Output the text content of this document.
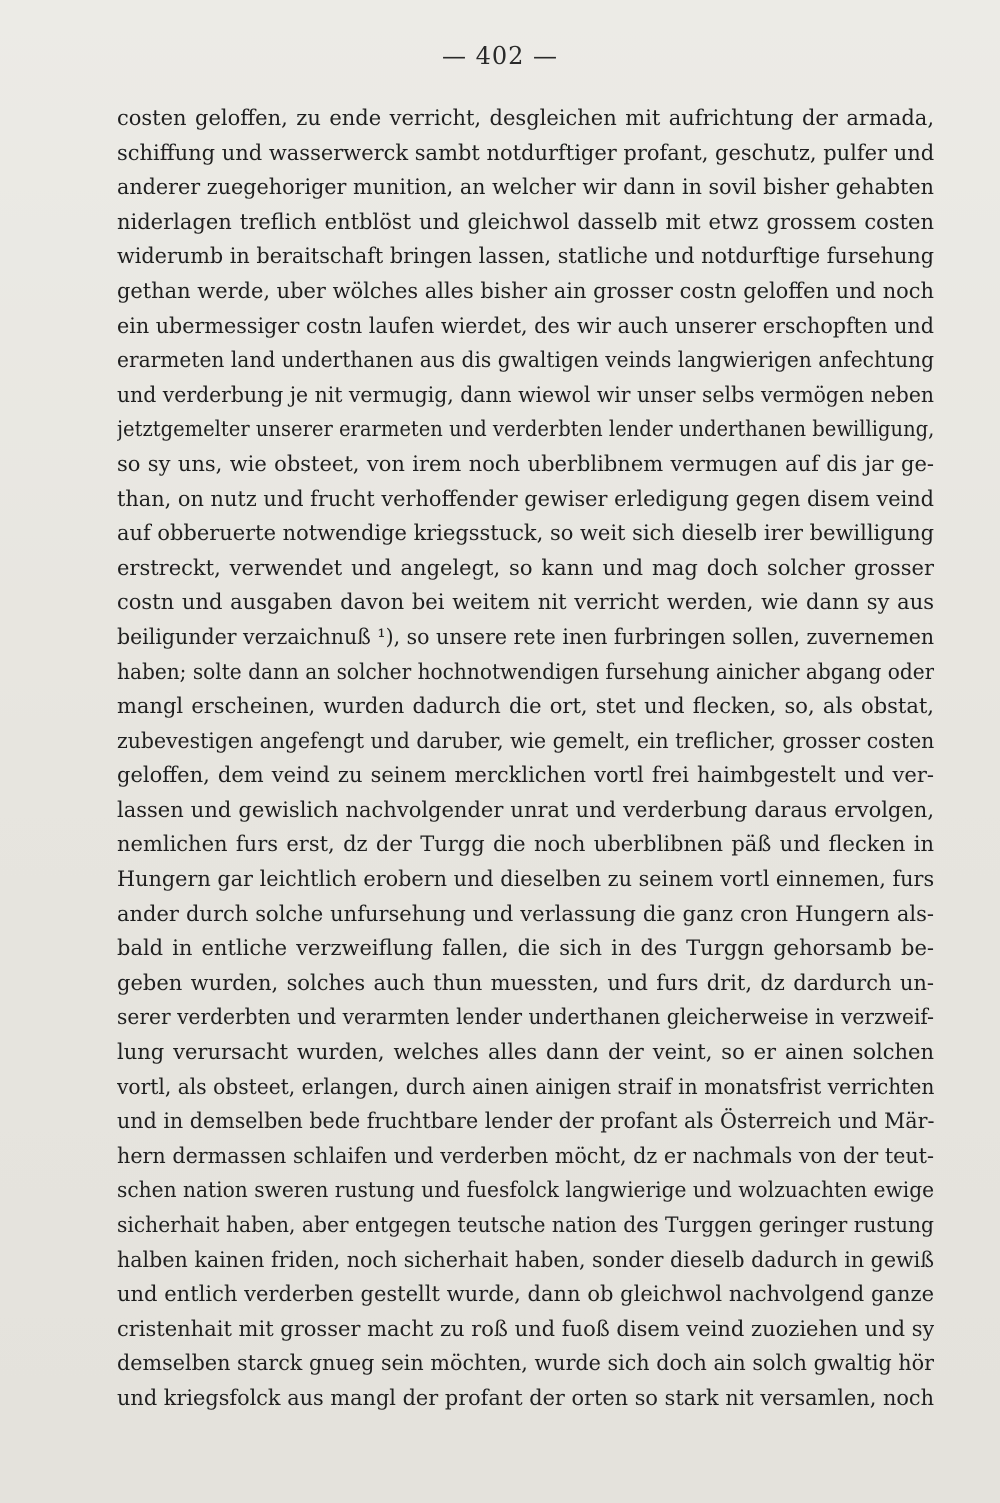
— 402 —
costen geloffen, zu ende verricht, desgleichen mit aufrichtung der armada,
schiffung und wasserwerck sambt notdurftiger profant, geschutz, pulfer und
anderer zuegehoriger munition, an welcher wir dann in sovil bisher gehabten
niderlagen treflich entblöst und gleichwol dasselb mit etwz grossem costen
widerumb in beraitschaft bringen lassen, statliche und notdurftige fursehung
gethan werde, uber wölches alles bisher ain grosser costn geloffen und noch
ein ubermessiger costn laufen wierdet, des wir auch unserer erschopften und
erarmeten land underthanen aus dis gwaltigen veinds langwierigen anfechtung
und verderbung je nit vermugig, dann wiewol wir unser selbs vermögen neben
jetztgemelter unserer erarmeten und verderbten lender underthanen bewilligung,
so sy uns, wie obsteet, von irem noch uberblibnem vermugen auf dis jar ge-
than, on nutz und frucht verhoffender gewiser erledigung gegen disem veind
auf obberuerte notwendige kriegsstuck, so weit sich dieselb irer bewilligung
erstreckt, verwendet und angelegt, so kann und mag doch solcher grosser
costn und ausgaben davon bei weitem nit verricht werden, wie dann sy aus
beiligunder verzaichnuß ¹), so unsere rete inen furbringen sollen, zuvernemen
haben; solte dann an solcher hochnotwendigen fursehung ainicher abgang oder
mangl erscheinen, wurden dadurch die ort, stet und flecken, so, als obstat,
zubevestigen angefengt und daruber, wie gemelt, ein treflicher, grosser costen
geloffen, dem veind zu seinem mercklichen vortl frei haimbgestelt und ver-
lassen und gewislich nachvolgender unrat und verderbung daraus ervolgen,
nemlichen furs erst, dz der Turgg die noch uberblibnen päß und flecken in
Hungern gar leichtlich erobern und dieselben zu seinem vortl einnemen, furs
ander durch solche unfursehung und verlassung die ganz cron Hungern als-
bald in entliche verzweiflung fallen, die sich in des Turggn gehorsamb be-
geben wurden, solches auch thun muessten, und furs drit, dz dardurch un-
serer verderbten und verarmten lender underthanen gleicherweise in verzweif-
lung verursacht wurden, welches alles dann der veint, so er ainen solchen
vortl, als obsteet, erlangen, durch ainen ainigen straif in monatsfrist verrichten
und in demselben bede fruchtbare lender der profant als Österreich und Mär-
hern dermassen schlaifen und verderben möcht, dz er nachmals von der teut-
schen nation sweren rustung und fuesfolck langwierige und wolzuachten ewige
sicherhait haben, aber entgegen teutsche nation des Turggen geringer rustung
halben kainen friden, noch sicherhait haben, sonder dieselb dadurch in gewiß
und entlich verderben gestellt wurde, dann ob gleichwol nachvolgend ganze
cristenhait mit grosser macht zu roß und fuoß disem veind zuoziehen und sy
demselben starck gnueg sein möchten, wurde sich doch ain solch gwaltig hör
und kriegsfolck aus mangl der profant der orten so stark nit versamlen, noch
